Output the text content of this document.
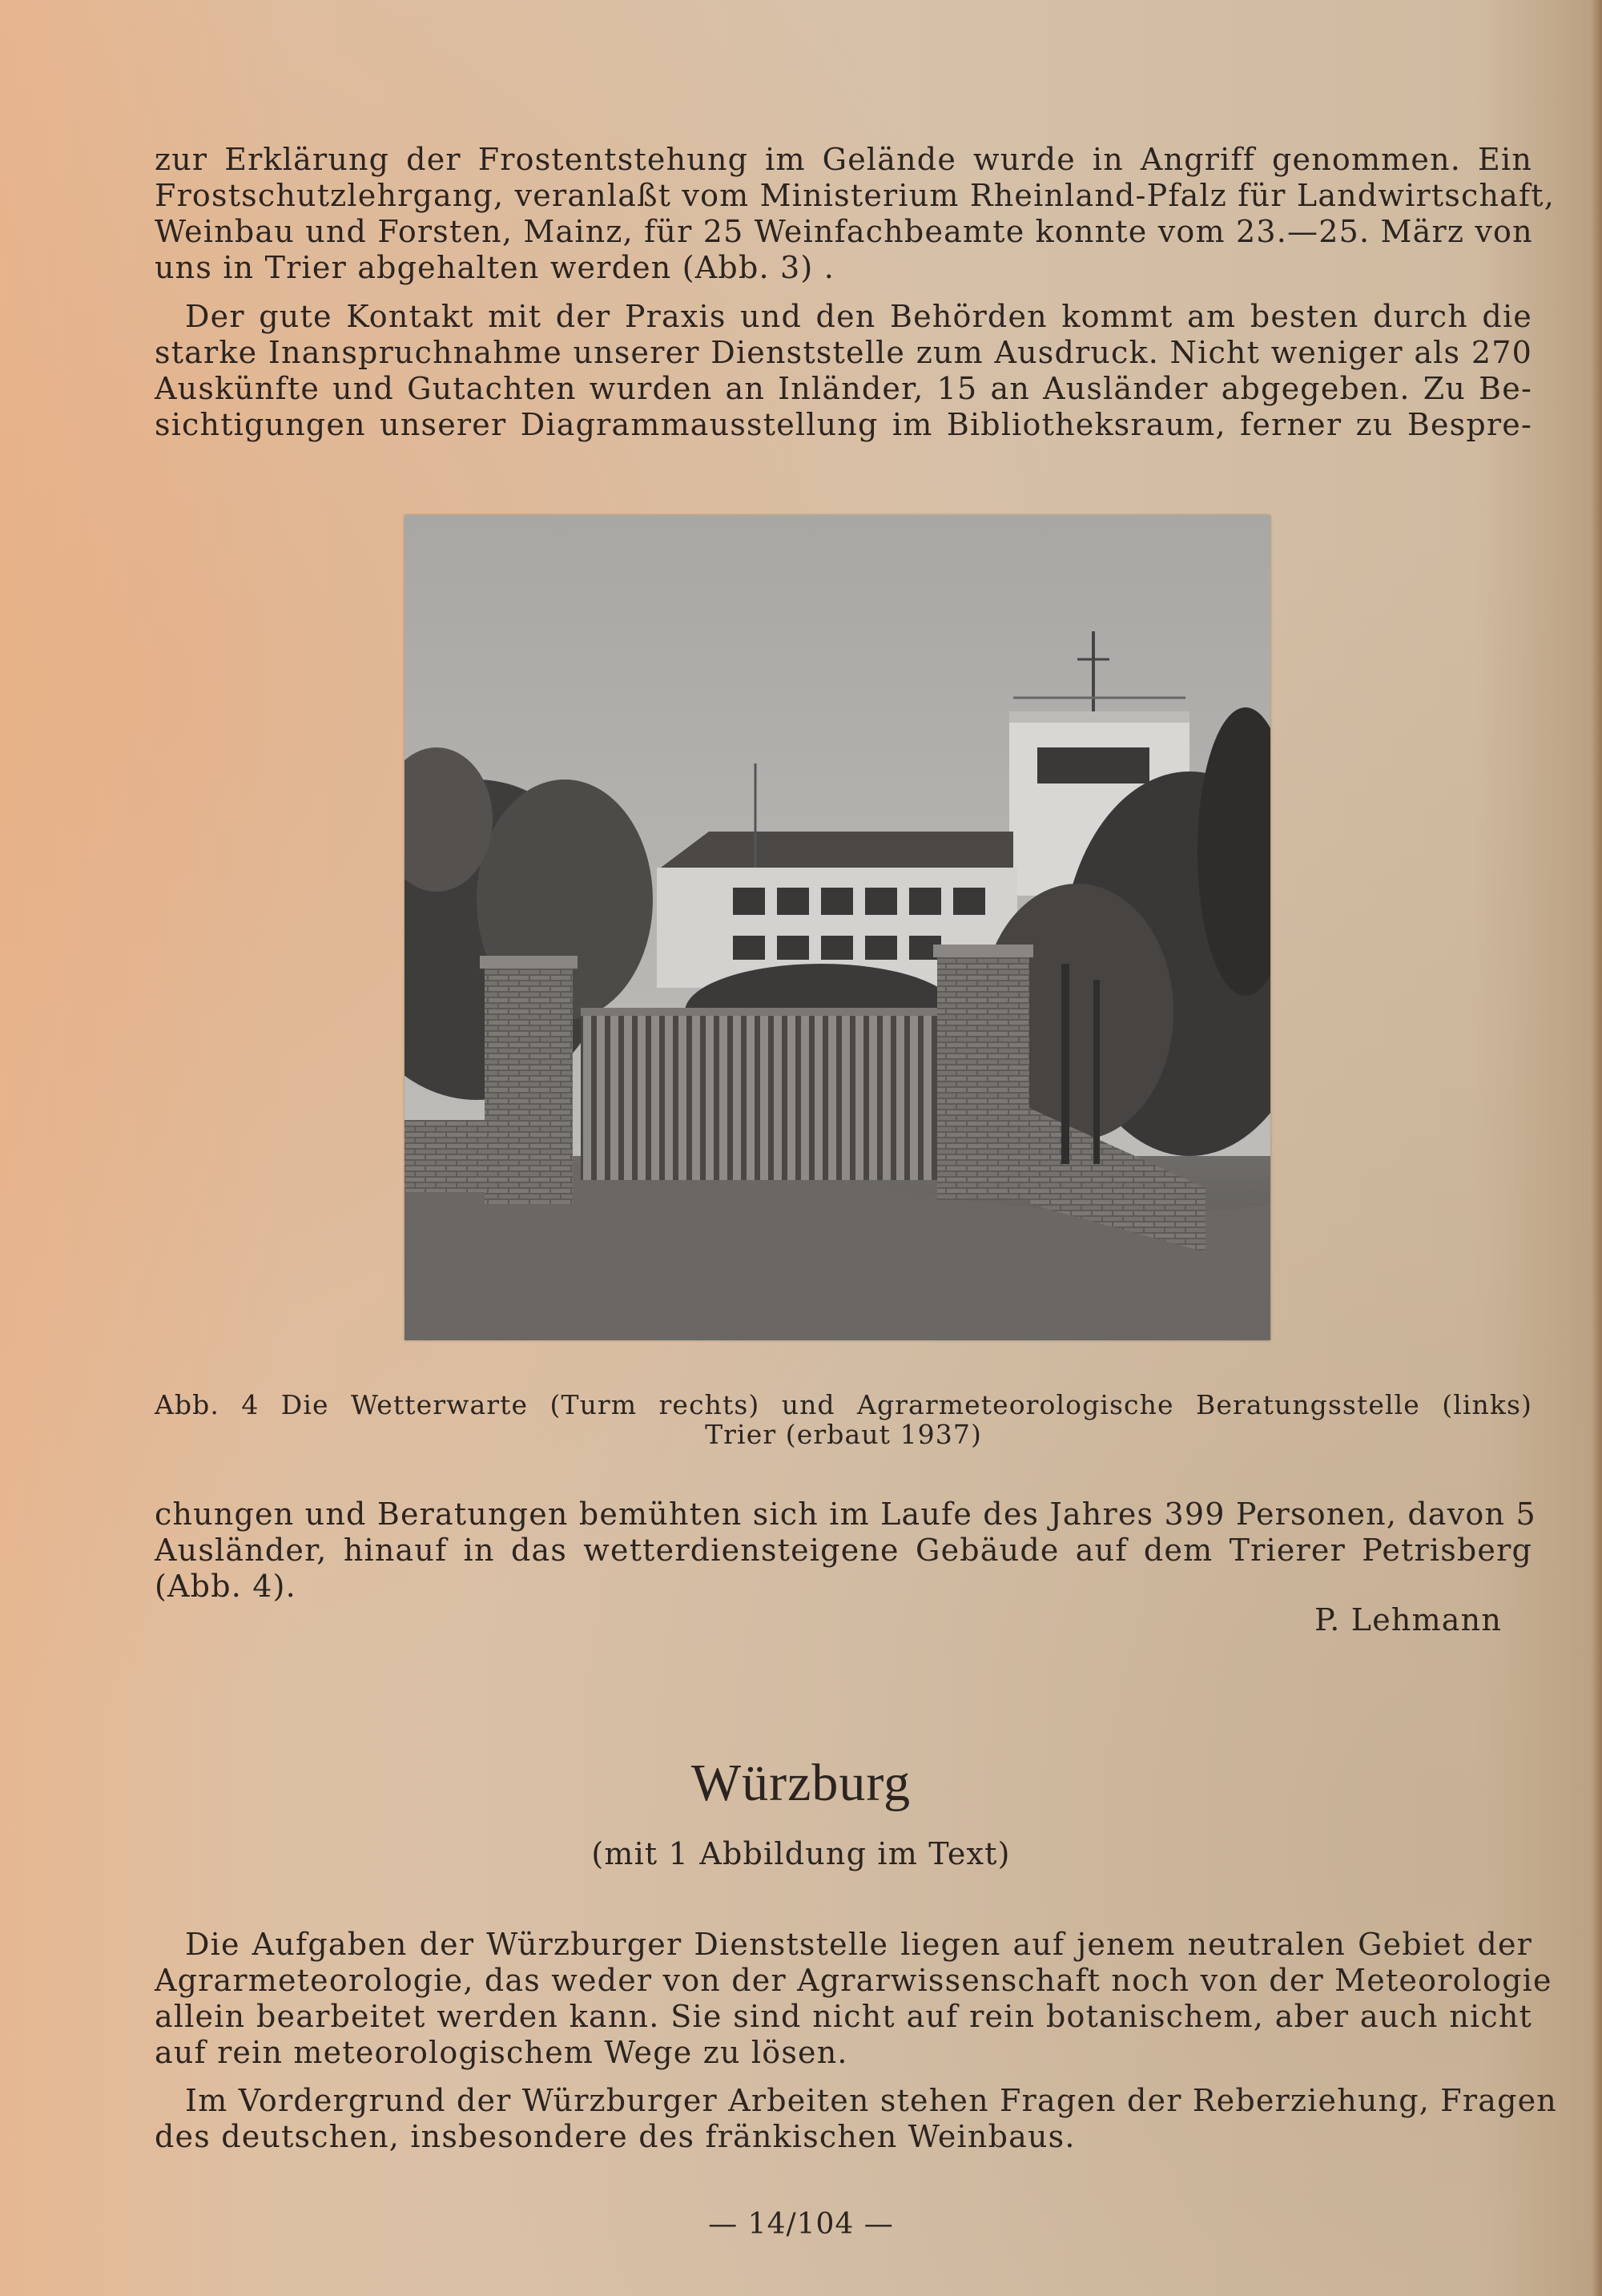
zur Erklärung der Frostentstehung im Gelände wurde in Angriff genommen. Ein
Frostschutzlehrgang, veranlaßt vom Ministerium Rheinland-Pfalz für Landwirtschaft,
Weinbau und Forsten, Mainz, für 25 Weinfachbeamte konnte vom 23.—25. März von
uns in Trier abgehalten werden (Abb. 3) .

Der gute Kontakt mit der Praxis und den Behörden kommt am besten durch die
starke Inanspruchnahme unserer Dienststelle zum Ausdruck. Nicht weniger als 270
Auskünfte und Gutachten wurden an Inländer, 15 an Ausländer abgegeben. Zu Be-
sichtigungen unserer Diagrammausstellung im Bibliotheksraum, ferner zu Bespre-

Abb. 4 Die Wetterwarte (Turm rechts) und Agrarmeteorologische Beratungsstelle (links)
Trier (erbaut 1937)

chungen und Beratungen bemühten sich im Laufe des Jahres 399 Personen, davon 5
Ausländer, hinauf in das wetterdiensteigene Gebäude auf dem Trierer Petrisberg
(Abb. 4).

P. Lehmann
Würzburg
(mit 1 Abbildung im Text)

Die Aufgaben der Würzburger Dienststelle liegen auf jenem neutralen Gebiet der
Agrarmeteorologie, das weder von der Agrarwissenschaft noch von der Meteorologie
allein bearbeitet werden kann. Sie sind nicht auf rein botanischem, aber auch nicht
auf rein meteorologischem Wege zu lösen.

Im Vordergrund der Würzburger Arbeiten stehen Fragen der Reberziehung, Fragen
des deutschen, insbesondere des fränkischen Weinbaus.

— 14/104 —
